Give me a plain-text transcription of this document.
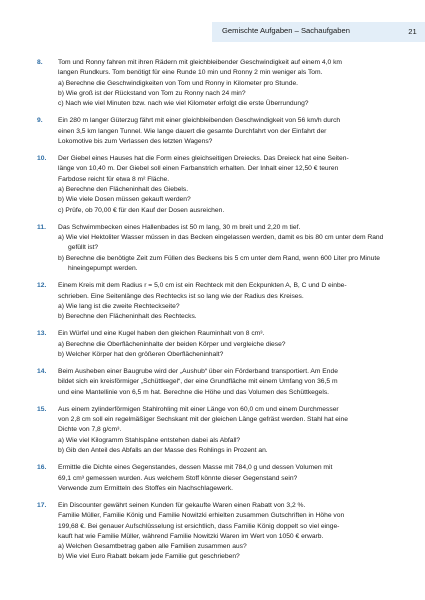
Gemischte Aufgaben – Sachaufgaben	21
8. Tom und Ronny fahren mit ihren Rädern mit gleichbleibender Geschwindigkeit auf einem 4,0 km
langen Rundkurs. Tom benötigt für eine Runde 10 min und Ronny 2 min weniger als Tom.
a) Berechne die Geschwindigkeiten von Tom und Ronny in Kilometer pro Stunde.
b) Wie groß ist der Rückstand von Tom zu Ronny nach 24 min?
c) Nach wie viel Minuten bzw. nach wie viel Kilometer erfolgt die erste Überrundung?
9. Ein 280 m langer Güterzug fährt mit einer gleichbleibenden Geschwindigkeit von 56 km/h durch
einen 3,5 km langen Tunnel. Wie lange dauert die gesamte Durchfahrt von der Einfahrt der
Lokomotive bis zum Verlassen des letzten Wagens?
10. Der Giebel eines Hauses hat die Form eines gleichseitigen Dreiecks. Das Dreieck hat eine Seiten-
länge von 10,40 m. Der Giebel soll einen Farbanstrich erhalten. Der Inhalt einer 12,50 € teuren
Farbdose reicht für etwa 8 m² Fläche.
a) Berechne den Flächeninhalt des Giebels.
b) Wie viele Dosen müssen gekauft werden?
c) Prüfe, ob 70,00 € für den Kauf der Dosen ausreichen.
11. Das Schwimmbecken eines Hallenbades ist 50 m lang, 30 m breit und 2,20 m tief.
a) Wie viel Hektoliter Wasser müssen in das Becken eingelassen werden, damit es bis 80 cm unter dem Rand gefüllt ist?
b) Berechne die benötigte Zeit zum Füllen des Beckens bis 5 cm unter dem Rand, wenn 600 Liter pro Minute hineingepumpt werden.
12. Einem Kreis mit dem Radius r = 5,0 cm ist ein Rechteck mit den Eckpunkten A, B, C und D einbe-
schrieben. Eine Seitenlänge des Rechtecks ist so lang wie der Radius des Kreises.
a) Wie lang ist die zweite Rechteckseite?
b) Berechne den Flächeninhalt des Rechtecks.
13. Ein Würfel und eine Kugel haben den gleichen Rauminhalt von 8 cm³.
a) Berechne die Oberflächeninhalte der beiden Körper und vergleiche diese?
b) Welcher Körper hat den größeren Oberflächeninhalt?
14. Beim Ausheben einer Baugrube wird der „Aushub“ über ein Förderband transportiert. Am Ende
bildet sich ein kreisförmiger „Schüttkegel“, der eine Grundfläche mit einem Umfang von 36,5 m
und eine Mantellinie von 6,5 m hat. Berechne die Höhe und das Volumen des Schüttkegels.
15. Aus einem zylinderförmigen Stahlrohling mit einer Länge von 60,0 cm und einem Durchmesser
von 2,8 cm soll ein regelmäßiger Sechskant mit der gleichen Länge gefräst werden. Stahl hat eine
Dichte von 7,8 g/cm³.
a) Wie viel Kilogramm Stahlspäne entstehen dabei als Abfall?
b) Gib den Anteil des Abfalls an der Masse des Rohlings in Prozent an.
16. Ermittle die Dichte eines Gegenstandes, dessen Masse mit 784,0 g und dessen Volumen mit
69,1 cm³ gemessen wurden. Aus welchem Stoff könnte dieser Gegenstand sein?
Verwende zum Ermitteln des Stoffes ein Nachschlagewerk.
17. Ein Discounter gewährt seinen Kunden für gekaufte Waren einen Rabatt von 3,2 %.
Familie Müller, Familie König und Familie Nowitzki erhielten zusammen Gutschriften in Höhe von
199,68 €. Bei genauer Aufschlüsselung ist ersichtlich, dass Familie König doppelt so viel einge-
kauft hat wie Familie Müller, während Familie Nowitzki Waren im Wert von 1050 € erwarb.
a) Welchen Gesamtbetrag gaben alle Familien zusammen aus?
b) Wie viel Euro Rabatt bekam jede Familie gut geschrieben?
